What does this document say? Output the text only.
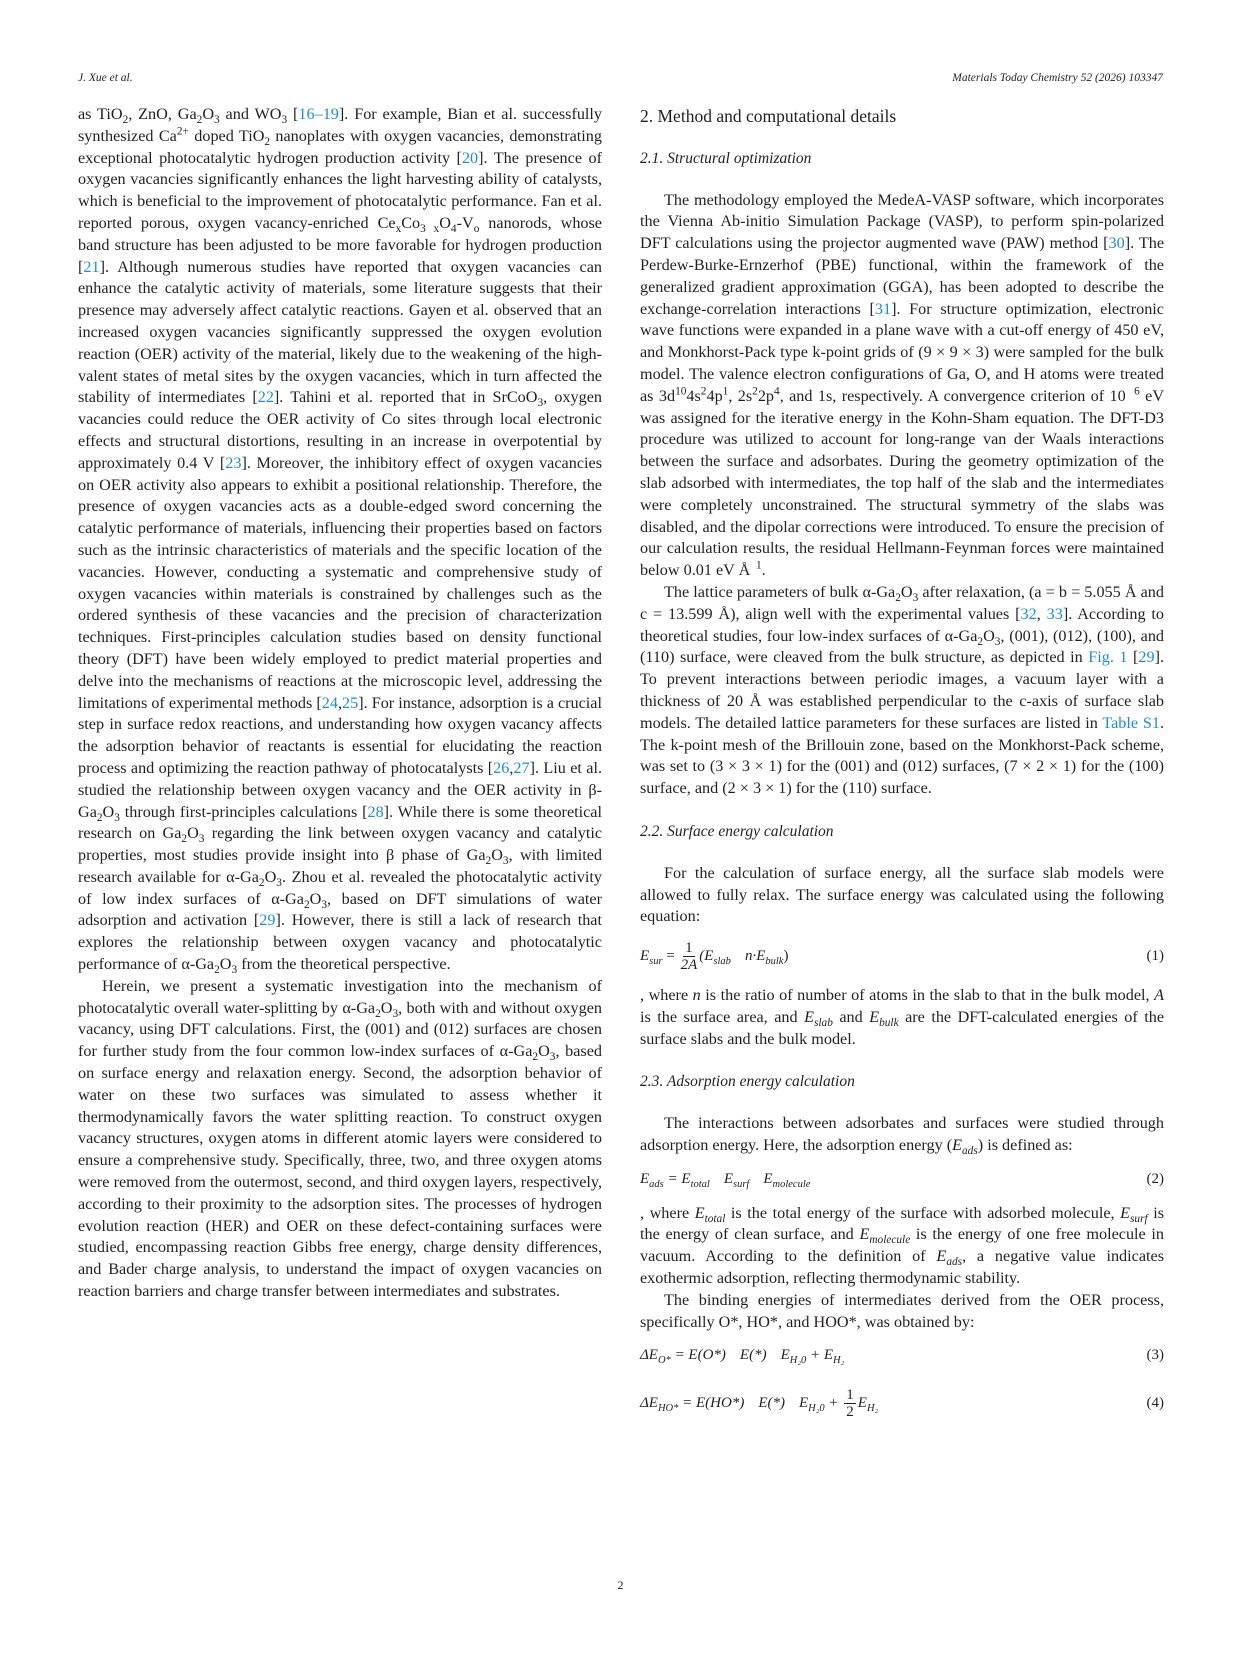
J. Xue et al.	Materials Today Chemistry 52 (2026) 103347

as TiO$_2$, ZnO, $Ga_2O_3$ and $WO_3$ [16–19]. For example, Bian et al. successfully synthesized $Ca^{2+}$ doped TiO$_2$ nanoplates with oxygen vacancies, demonstrating exceptional photocatalytic hydrogen production activity [20]. The presence of oxygen vacancies significantly enhances the light harvesting ability of catalysts, which is beneficial to the improvement of photocatalytic performance. Fan et al. reported porous, oxygen vacancy-enriched $Ce_xCo_{3 x}O_4-V_o$ nanorods, whose band structure has been adjusted to be more favorable for hydrogen production [21]. Although numerous studies have reported that oxygen vacancies can enhance the catalytic activity of materials, some literature suggests that their presence may adversely affect catalytic reactions. Gayen et al. observed that an increased oxygen vacancies significantly suppressed the oxygen evolution reaction (OER) activity of the material, likely due to the weakening of the high-valent states of metal sites by the oxygen vacancies, which in turn affected the stability of intermediates [22]. Tahini et al. reported that in SrCoO$_3$, oxygen vacancies could reduce the OER activity of Co sites through local electronic effects and structural distortions, resulting in an increase in overpotential by approximately 0.4 V [23]. Moreover, the inhibitory effect of oxygen vacancies on OER activity also appears to exhibit a positional relationship. Therefore, the presence of oxygen vacancies acts as a double-edged sword concerning the catalytic performance of materials, influencing their properties based on factors such as the intrinsic characteristics of materials and the specific location of the vacancies. However, conducting a systematic and comprehensive study of oxygen vacancies within materials is constrained by challenges such as the ordered synthesis of these vacancies and the precision of characterization techniques. First-principles calculation studies based on density functional theory (DFT) have been widely employed to predict material properties and delve into the mechanisms of reactions at the microscopic level, addressing the limitations of experimental methods [24,25]. For instance, adsorption is a crucial step in surface redox reactions, and understanding how oxygen vacancy affects the adsorption behavior of reactants is essential for elucidating the reaction process and optimizing the reaction pathway of photocatalysts [26,27]. Liu et al. studied the relationship between oxygen vacancy and the OER activity in $\beta-Ga_2O_3$ through first-principles calculations [28]. While there is some theoretical research on $Ga_2O_3$ regarding the link between oxygen vacancy and catalytic properties, most studies provide insight into β phase of $Ga_2O_3$, with limited research available for $\alpha-Ga_2O_3$. Zhou et al. revealed the photocatalytic activity of low index surfaces of $\alpha-Ga_2O_3$, based on DFT simulations of water adsorption and activation [29]. However, there is still a lack of research that explores the relationship between oxygen vacancy and photocatalytic performance of $\alpha-Ga_2O_3$ from the theoretical perspective.

Herein, we present a systematic investigation into the mechanism of photocatalytic overall water-splitting by $\alpha-Ga_2O_3$, both with and without oxygen vacancy, using DFT calculations. First, the (001) and (012) surfaces are chosen for further study from the four common low-index surfaces of $\alpha-Ga_2O_3$, based on surface energy and relaxation energy. Second, the adsorption behavior of water on these two surfaces was simulated to assess whether it thermodynamically favors the water splitting reaction. To construct oxygen vacancy structures, oxygen atoms in different atomic layers were considered to ensure a comprehensive study. Specifically, three, two, and three oxygen atoms were removed from the outermost, second, and third oxygen layers, respectively, according to their proximity to the adsorption sites. The processes of hydrogen evolution reaction (HER) and OER on these defect-containing surfaces were studied, encompassing reaction Gibbs free energy, charge density differences, and Bader charge analysis, to understand the impact of oxygen vacancies on reaction barriers and charge transfer between intermediates and substrates.

2. Method and computational details
2.1. Structural optimization

The methodology employed the MedeA-VASP software, which incorporates the Vienna Ab-initio Simulation Package (VASP), to perform spin-polarized DFT calculations using the projector augmented wave (PAW) method [30]. The Perdew-Burke-Ernzerhof (PBE) functional, within the framework of the generalized gradient approximation (GGA), has been adopted to describe the exchange-correlation interactions [31]. For structure optimization, electronic wave functions were expanded in a plane wave with a cut-off energy of 450 eV, and Monkhorst-Pack type k-point grids of (9 × 9 × 3) were sampled for the bulk model. The valence electron configurations of Ga, O, and H atoms were treated as $3d^{10}4s^24p^1$, $2s^22p^4$, and 1s, respectively. A convergence criterion of 10  $^6$ eV was assigned for the iterative energy in the Kohn-Sham equation. The DFT-D3 procedure was utilized to account for long-range van der Waals interactions between the surface and adsorbates. During the geometry optimization of the slab adsorbed with intermediates, the top half of the slab and the intermediates were completely unconstrained. The structural symmetry of the slabs was disabled, and the dipolar corrections were introduced. To ensure the precision of our calculation results, the residual Hellmann-Feynman forces were maintained below 0.01 eV Å  $^1$.

The lattice parameters of bulk $\alpha-Ga_2O_3$ after relaxation, (a = b = 5.055 Å and c = 13.599 Å), align well with the experimental values [32, 33]. According to theoretical studies, four low-index surfaces of $\alpha-Ga_2O_3$, (001), (012), (100), and (110) surface, were cleaved from the bulk structure, as depicted in Fig. 1 [29]. To prevent interactions between periodic images, a vacuum layer with a thickness of 20 Å was established perpendicular to the c-axis of surface slab models. The detailed lattice parameters for these surfaces are listed in Table S1. The k-point mesh of the Brillouin zone, based on the Monkhorst-Pack scheme, was set to (3 × 3 × 1) for the (001) and (012) surfaces, (7 × 2 × 1) for the (100) surface, and (2 × 3 × 1) for the (110) surface.

2.2. Surface energy calculation

For the calculation of surface energy, all the surface slab models were allowed to fully relax. The surface energy was calculated using the following equation:

$E_{sur} = \frac{1}{2A} (E_{slab}$ $n\cdot E_{bulk}$)	(1)

, where n is the ratio of number of atoms in the slab to that in the bulk model, A is the surface area, and $E_{slab}$ and $E_{bulk}$ are the DFT-calculated energies of the surface slabs and the bulk model.

2.3. Adsorption energy calculation

The interactions between adsorbates and surfaces were studied through adsorption energy. Here, the adsorption energy $(E_{ads})$ is defined as:

$E_{ads} = E_{total}$ $E_{surf}$ $E_{molecule}$	(2)

, where $E_{total}$ is the total energy of the surface with adsorbed molecule, $E_{surf}$ is the energy of clean surface, and $E_{molecule}$ is the energy of one free molecule in vacuum. According to the definition of $E_{ads}$, a negative value indicates exothermic adsorption, reflecting thermodynamic stability.

The binding energies of intermediates derived from the OER process, specifically O*, HO*, and HOO*, was obtained by:

$\Delta E_{O*} = E(O*)$ E(*) $E_{H_20} + E_{H_2}$	(3)
$\Delta E_{HO*} = E(HO*)$ E(*) $E_{H_20} + \frac{1}{2} E_{H_2}$	(4)
2
